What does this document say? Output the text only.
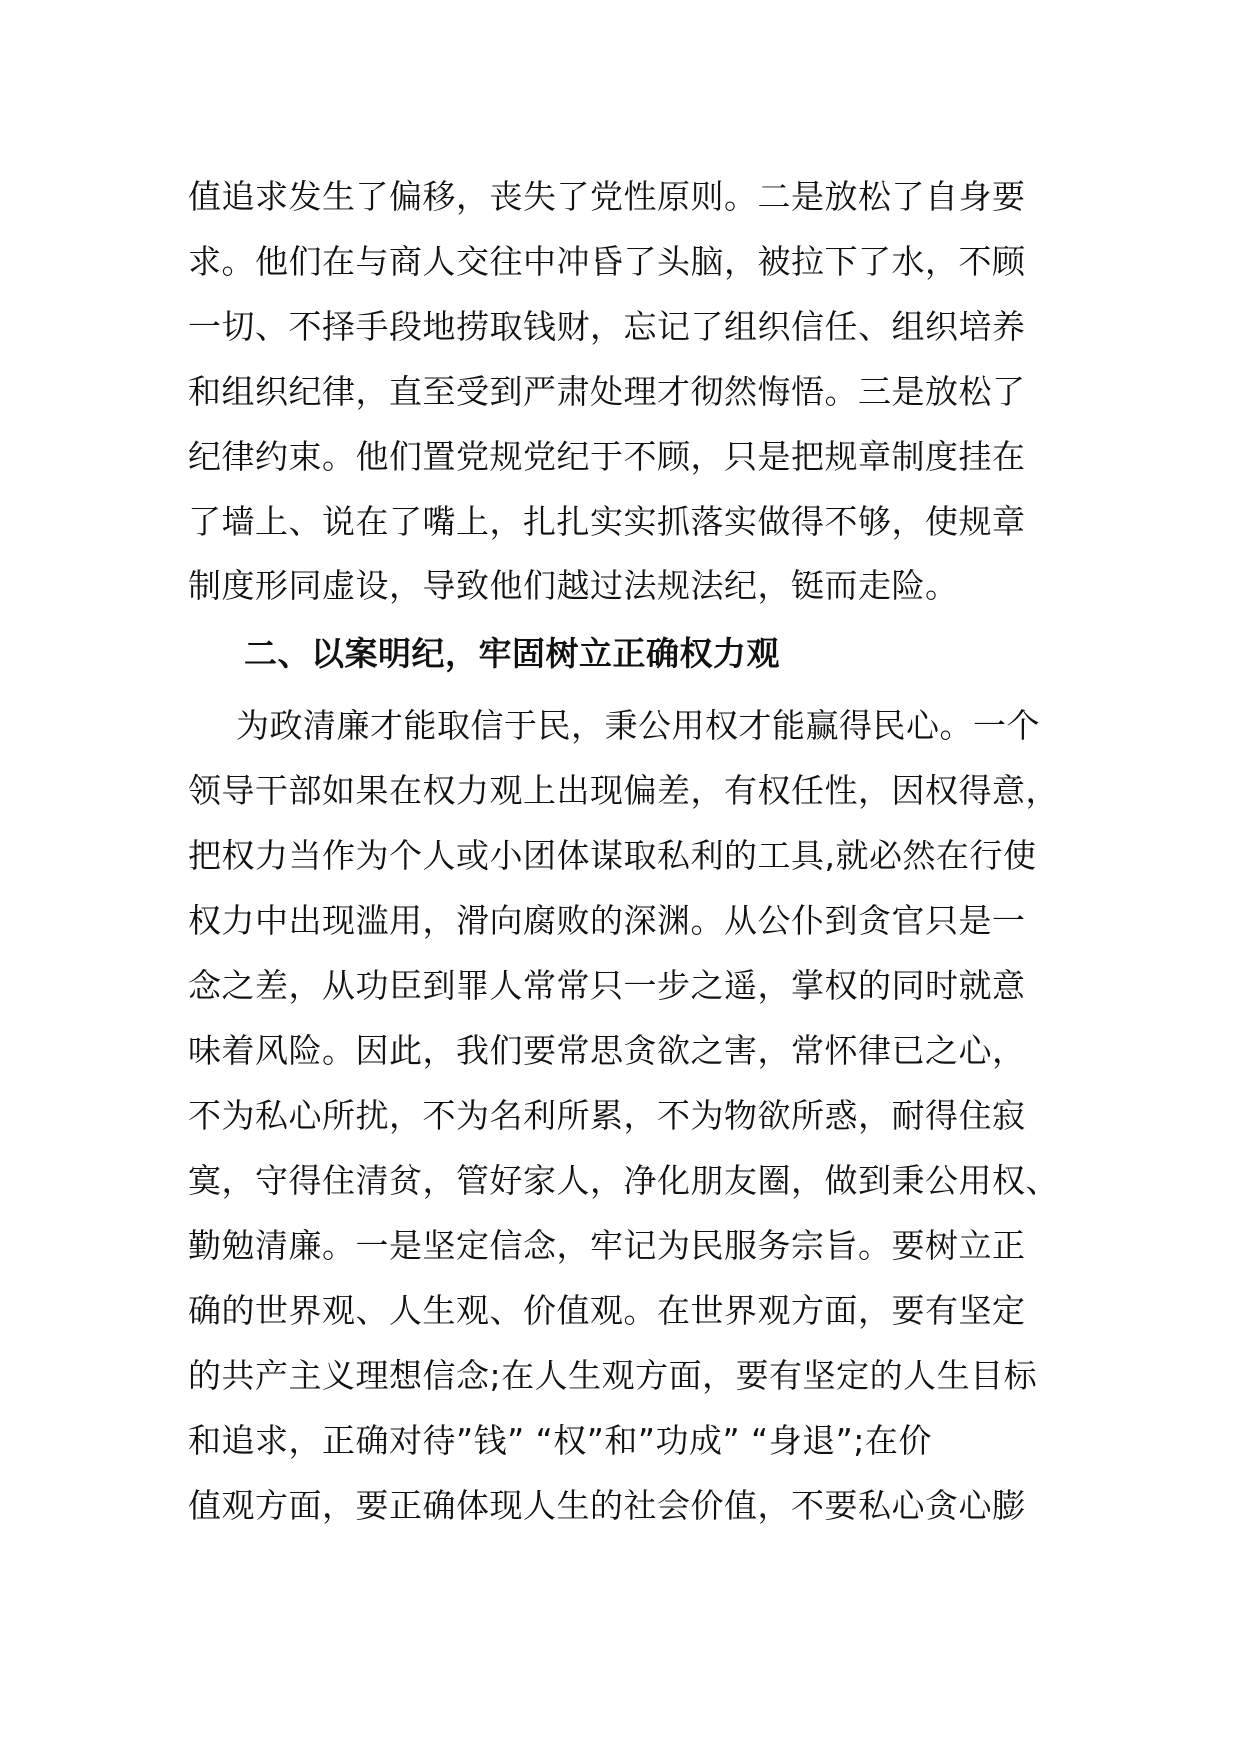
值追求发生了偏移，丧失了党性原则。二是放松了自身要
求。他们在与商人交往中冲昏了头脑，被拉下了水，不顾
一切、不择手段地捞取钱财，忘记了组织信任、组织培养
和组织纪律，直至受到严肃处理才彻然悔悟。三是放松了
纪律约束。他们置党规党纪于不顾，只是把规章制度挂在
了墙上、说在了嘴上，扎扎实实抓落实做得不够，使规章
制度形同虚设，导致他们越过法规法纪，铤而走险。
二、以案明纪，牢固树立正确权力观
为政清廉才能取信于民，秉公用权才能赢得民心。一个
领导干部如果在权力观上出现偏差，有权任性，因权得意，
把权力当作为个人或小团体谋取私利的工具,就必然在行使
权力中出现滥用，滑向腐败的深渊。从公仆到贪官只是一
念之差，从功臣到罪人常常只一步之遥，掌权的同时就意
味着风险。因此，我们要常思贪欲之害，常怀律已之心，
不为私心所扰，不为名利所累，不为物欲所惑，耐得住寂
寞，守得住清贫，管好家人，净化朋友圈，做到秉公用权、
勤勉清廉。一是坚定信念，牢记为民服务宗旨。要树立正
确的世界观、人生观、价值观。在世界观方面，要有坚定
的共产主义理想信念;在人生观方面，要有坚定的人生目标
和追求，正确对待”钱” “权”和”功成” “身退”;在价
值观方面，要正确体现人生的社会价值，不要私心贪心膨
